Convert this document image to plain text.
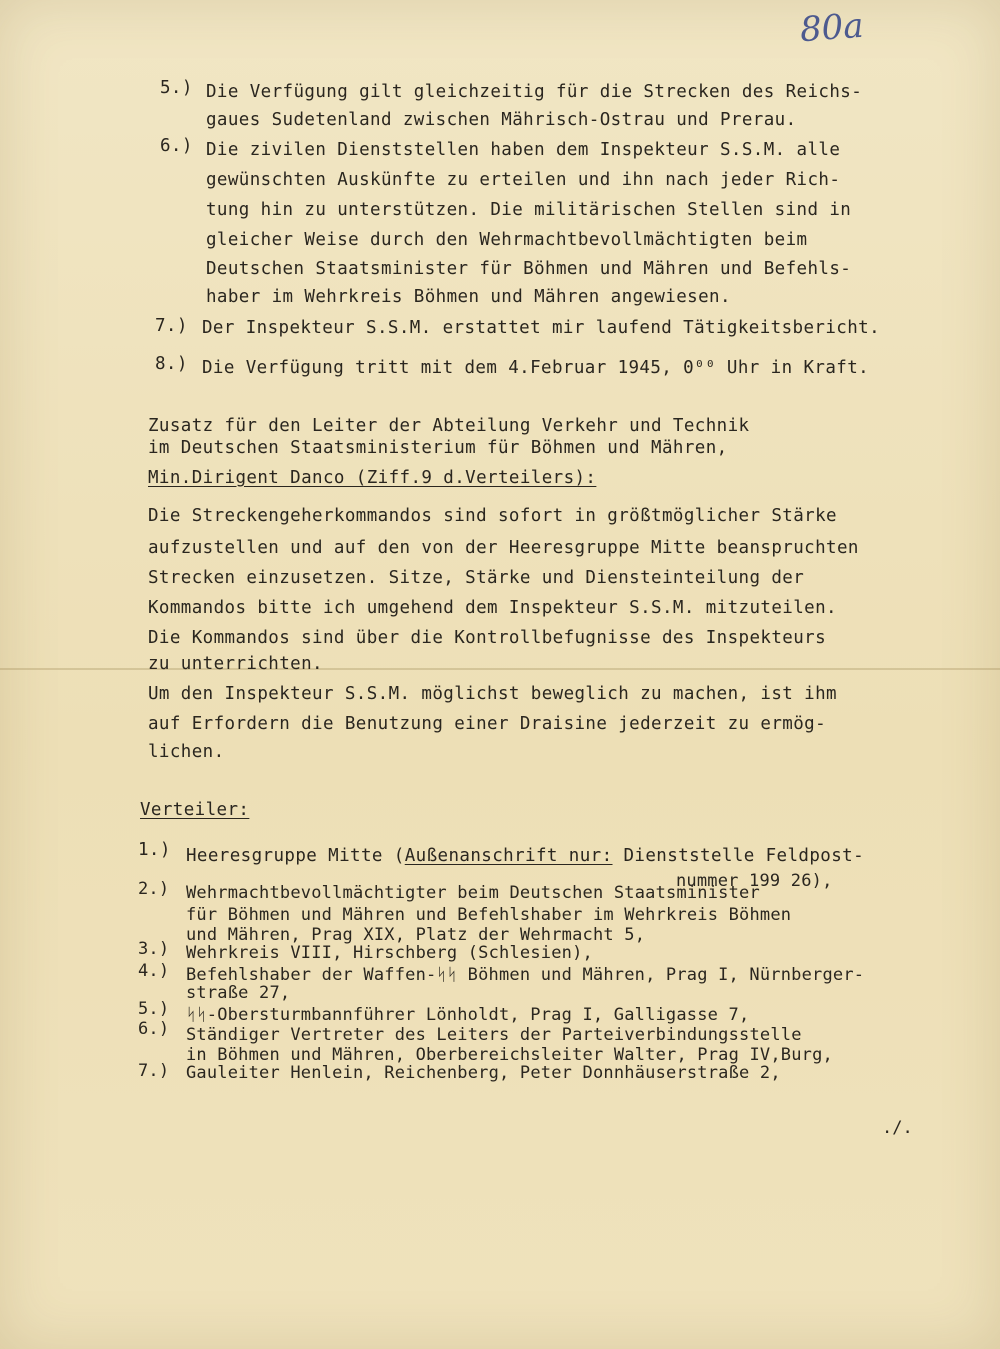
80a
5.) Die Verfügung gilt gleichzeitig für die Strecken des Reichs-
gaues Sudetenland zwischen Mährisch-Ostrau und Prerau.
6.) Die zivilen Dienststellen haben dem Inspekteur S.S.M. alle
gewünschten Auskünfte zu erteilen und ihn nach jeder Rich-
tung hin zu unterstützen. Die militärischen Stellen sind in
gleicher Weise durch den Wehrmachtbevollmächtigten beim
Deutschen Staatsminister für Böhmen und Mähren und Befehls-
haber im Wehrkreis Böhmen und Mähren angewiesen.
7.) Der Inspekteur S.S.M. erstattet mir laufend Tätigkeitsbericht.
8.) Die Verfügung tritt mit dem 4.Februar 1945, 0⁰⁰ Uhr in Kraft.
Zusatz für den Leiter der Abteilung Verkehr und Technik
im Deutschen Staatsministerium für Böhmen und Mähren,
Min.Dirigent Danco (Ziff.9 d.Verteilers):
Die Streckengeherkommandos sind sofort in größtmöglicher Stärke
aufzustellen und auf den von der Heeresgruppe Mitte beanspruchten
Strecken einzusetzen. Sitze, Stärke und Diensteinteilung der
Kommandos bitte ich umgehend dem Inspekteur S.S.M. mitzuteilen.
Die Kommandos sind über die Kontrollbefugnisse des Inspekteurs
zu unterrichten.
Um den Inspekteur S.S.M. möglichst beweglich zu machen, ist ihm
auf Erfordern die Benutzung einer Draisine jederzeit zu ermög-
lichen.
Verteiler:
1.) Heeresgruppe Mitte (Außenanschrift nur: Dienststelle Feldpost-
nummer 199 26),
2.) Wehrmachtbevollmächtigter beim Deutschen Staatsminister
für Böhmen und Mähren und Befehlshaber im Wehrkreis Böhmen
und Mähren, Prag XIX, Platz der Wehrmacht 5,
3.) Wehrkreis VIII, Hirschberg (Schlesien),
4.) Befehlshaber der Waffen-ᛋᛋ Böhmen und Mähren, Prag I, Nürnberger-
straße 27,
5.) ᛋᛋ-Obersturmbannführer Lönholdt, Prag I, Galligasse 7,
6.) Ständiger Vertreter des Leiters der Parteiverbindungsstelle
in Böhmen und Mähren, Oberbereichsleiter Walter, Prag IV,Burg,
7.) Gauleiter Henlein, Reichenberg, Peter Donnhäuserstraße 2,
./.
